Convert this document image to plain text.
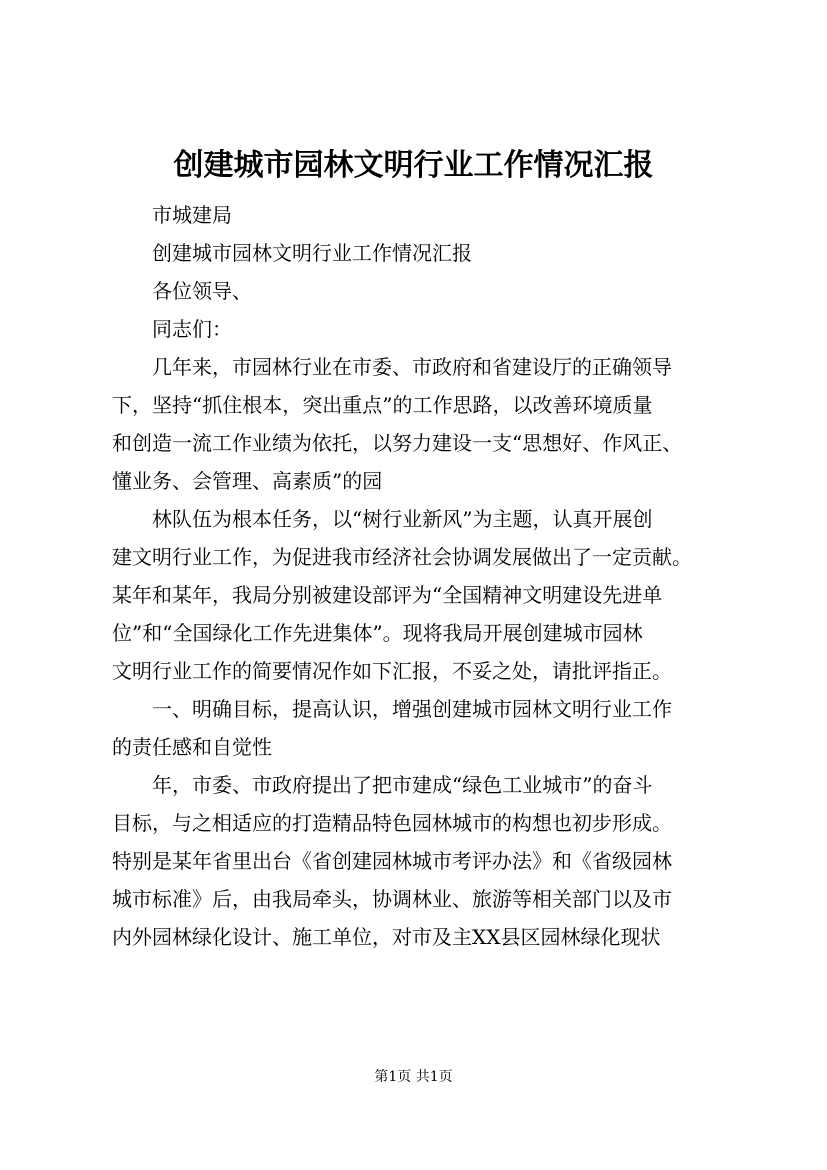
创建城市园林文明行业工作情况汇报
市城建局
创建城市园林文明行业工作情况汇报
各位领导、
同志们：
几年来，市园林行业在市委、市政府和省建设厅的正确领导
下，坚持“抓住根本，突出重点”的工作思路，以改善环境质量
和创造一流工作业绩为依托，以努力建设一支“思想好、作风正、
懂业务、会管理、高素质”的园
林队伍为根本任务，以“树行业新风”为主题，认真开展创
建文明行业工作，为促进我市经济社会协调发展做出了一定贡献。
某年和某年，我局分别被建设部评为“全国精神文明建设先进单
位”和“全国绿化工作先进集体”。现将我局开展创建城市园林
文明行业工作的简要情况作如下汇报，不妥之处，请批评指正。
一、明确目标，提高认识，增强创建城市园林文明行业工作
的责任感和自觉性
年，市委、市政府提出了把市建成“绿色工业城市”的奋斗
目标，与之相适应的打造精品特色园林城市的构想也初步形成。
特别是某年省里出台《省创建园林城市考评办法》和《省级园林
城市标准》后，由我局牵头，协调林业、旅游等相关部门以及市
内外园林绿化设计、施工单位，对市及主XX县区园林绿化现状
第1页 共1页
